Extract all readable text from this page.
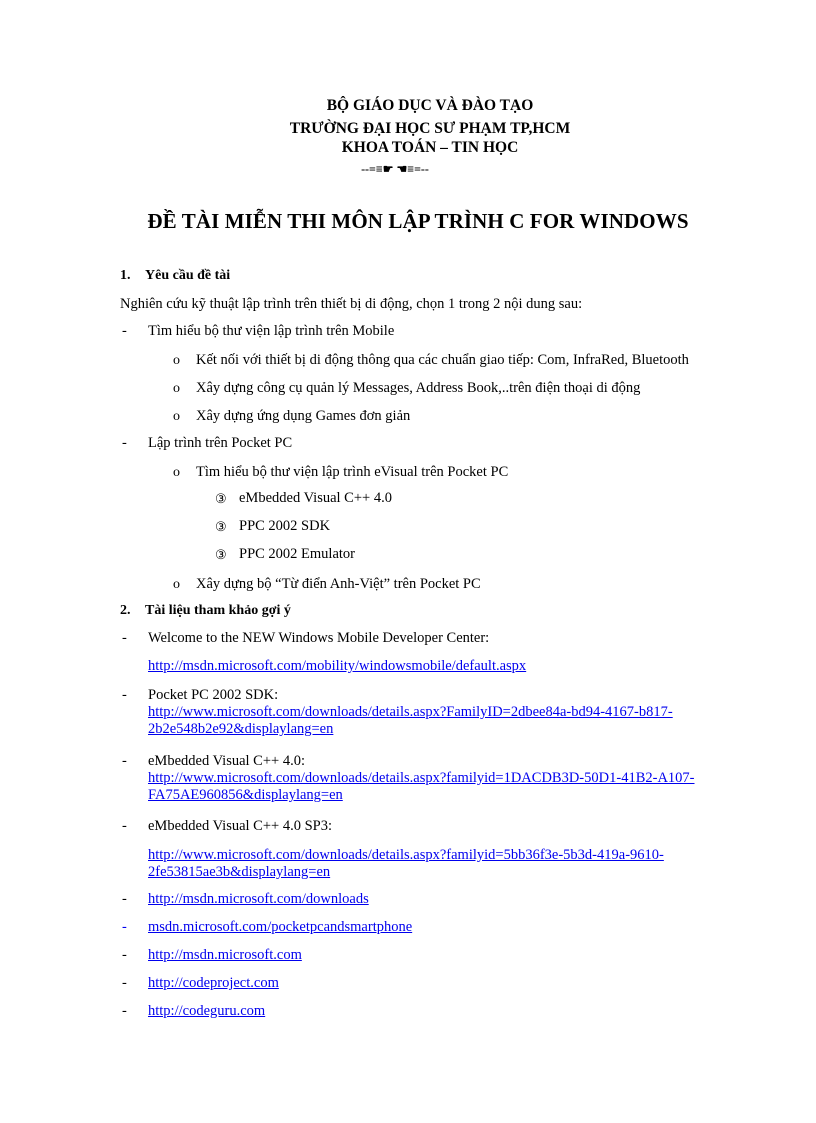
BỘ GIÁO DỤC VÀ ĐÀO TẠO
TRƯỜNG ĐẠI HỌC SƯ PHẠM TP,HCM
KHOA TOÁN – TIN HỌC
--=≡☛ ☚≡=--
ĐỀ TÀI MIỄN THI MÔN LẬP TRÌNH C FOR WINDOWS
1. Yêu cầu đề tài
Nghiên cứu kỹ thuật lập trình trên thiết bị di động, chọn 1 trong 2 nội dung sau:
- Tìm hiểu bộ thư viện lập trình trên Mobile
o Kết nối với thiết bị di động thông qua các chuẩn giao tiếp: Com, InfraRed, Bluetooth
o Xây dựng công cụ quản lý Messages, Address Book,..trên điện thoại di động
o Xây dựng ứng dụng Games đơn giản
- Lập trình trên Pocket PC
o Tìm hiểu bộ thư viện lập trình eVisual trên Pocket PC
③ eMbedded Visual C++ 4.0
③ PPC 2002 SDK
③ PPC 2002 Emulator
o Xây dựng bộ “Từ điển Anh-Việt” trên Pocket PC
2. Tài liệu tham khảo gợi ý
- Welcome to the NEW Windows Mobile Developer Center:
http://msdn.microsoft.com/mobility/windowsmobile/default.aspx
- Pocket PC 2002 SDK:
http://www.microsoft.com/downloads/details.aspx?FamilyID=2dbee84a-bd94-4167-b817-
2b2e548b2e92&displaylang=en
- eMbedded Visual C++ 4.0:
http://www.microsoft.com/downloads/details.aspx?familyid=1DACDB3D-50D1-41B2-A107-
FA75AE960856&displaylang=en
- eMbedded Visual C++ 4.0 SP3:
http://www.microsoft.com/downloads/details.aspx?familyid=5bb36f3e-5b3d-419a-9610-
2fe53815ae3b&displaylang=en
- http://msdn.microsoft.com/downloads
- msdn.microsoft.com/pocketpcandsmartphone
- http://msdn.microsoft.com
- http://codeproject.com
- http://codeguru.com
